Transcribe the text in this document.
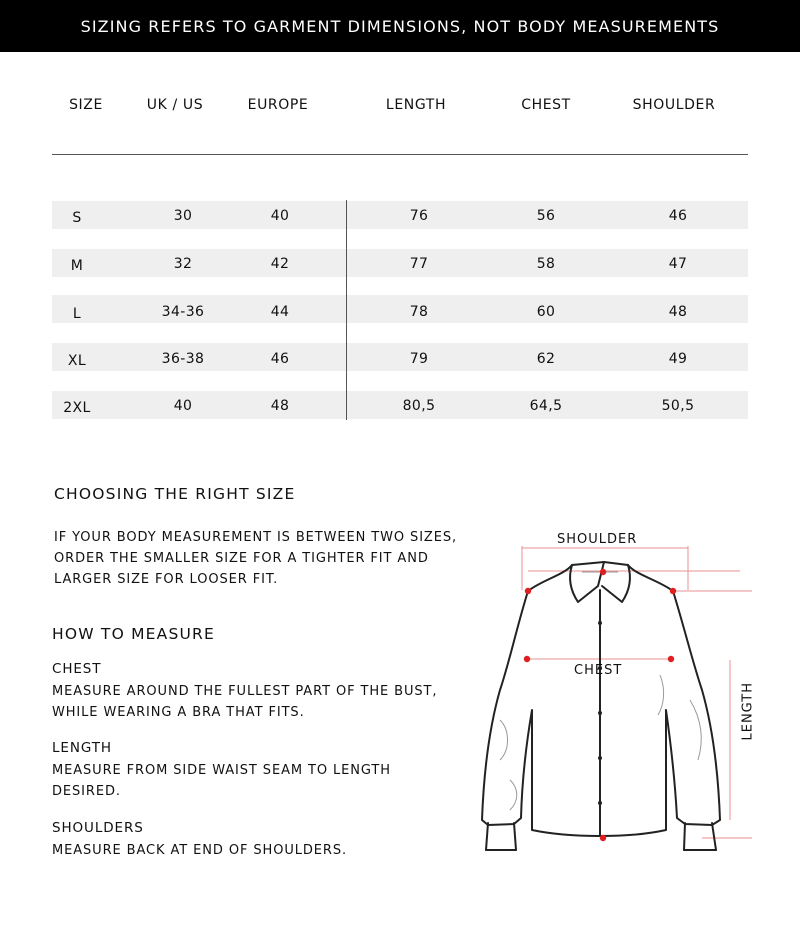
SIZING REFERS TO GARMENT DIMENSIONS, NOT BODY MEASUREMENTS
SIZE	UK / US	EUROPE	LENGTH	CHEST	SHOULDER
S	30	40	76	56	46
M	32	42	77	58	47
L	34-36	44	78	60	48
XL	36-38	46	79	62	49
2XL	40	48	80,5	64,5	50,5
CHOOSING THE RIGHT SIZE
IF YOUR BODY MEASUREMENT IS BETWEEN TWO SIZES,
ORDER THE SMALLER SIZE FOR A TIGHTER FIT AND
LARGER SIZE FOR LOOSER FIT.
HOW TO MEASURE
CHEST
MEASURE AROUND THE FULLEST PART OF THE BUST,
WHILE WEARING A BRA THAT FITS.
LENGTH
MEASURE FROM SIDE WAIST SEAM TO LENGTH
DESIRED.
SHOULDERS
MEASURE BACK AT END OF SHOULDERS.
SHOULDER
CHEST
LENGTH
